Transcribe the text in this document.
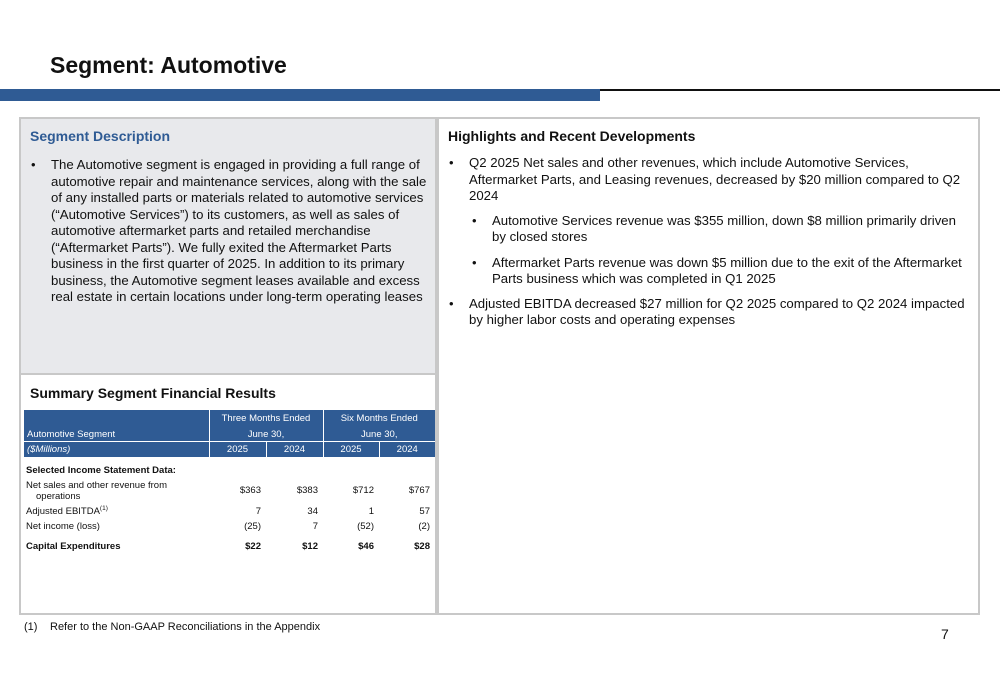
Segment: Automotive
Segment Description
• The Automotive segment is engaged in providing a full range of automotive repair and maintenance services, along with the sale of any installed parts or materials related to automotive services (“Automotive Services”) to its customers, as well as sales of automotive aftermarket parts and retailed merchandise (“Aftermarket Parts”). We fully exited the Aftermarket Parts business in the first quarter of 2025. In addition to its primary business, the Automotive segment leases available and excess real estate in certain locations under long-term operating leases
Summary Segment Financial Results
	Three Months Ended		Six Months Ended	
Automotive Segment	June 30,		June 30,	
($Millions)	2025	2024	2025	2024
Selected Income Statement Data:				
Net sales and other revenue from
operations	$363	$383	$712	$767
Adjusted EBITDA$^{(1)}$	7	34	1	57
Net income (loss)	(25)	7	(52)	(2)
Capital Expenditures	$22	$12	$46	$28
Highlights and Recent Developments
• Q2 2025 Net sales and other revenues, which include Automotive Services, Aftermarket Parts, and Leasing revenues, decreased by $20 million compared to Q2 2024
• Automotive Services revenue was $355 million, down $8 million primarily driven by closed stores
• Aftermarket Parts revenue was down $5 million due to the exit of the Aftermarket Parts business which was completed in Q1 2025
• Adjusted EBITDA decreased $27 million for Q2 2025 compared to Q2 2024 impacted by higher labor costs and operating expenses
(1) Refer to the Non-GAAP Reconciliations in the Appendix	7
